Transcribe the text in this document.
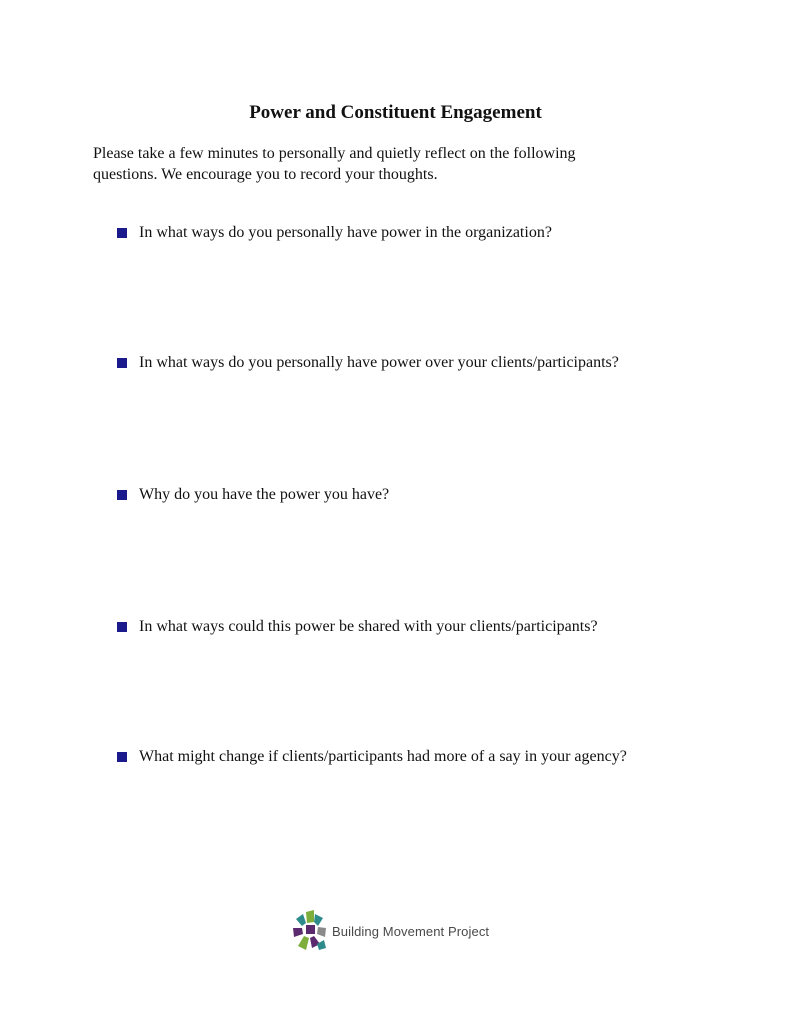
Power and Constituent Engagement

Please take a few minutes to personally and quietly reflect on the following

questions. We encourage you to record your thoughts.

In what ways do you personally have power in the organization?
In what ways do you personally have power over your clients/participants?
Why do you have the power you have?
In what ways could this power be shared with your clients/participants?
What might change if clients/participants had more of a say in your agency?
Building Movement Project
